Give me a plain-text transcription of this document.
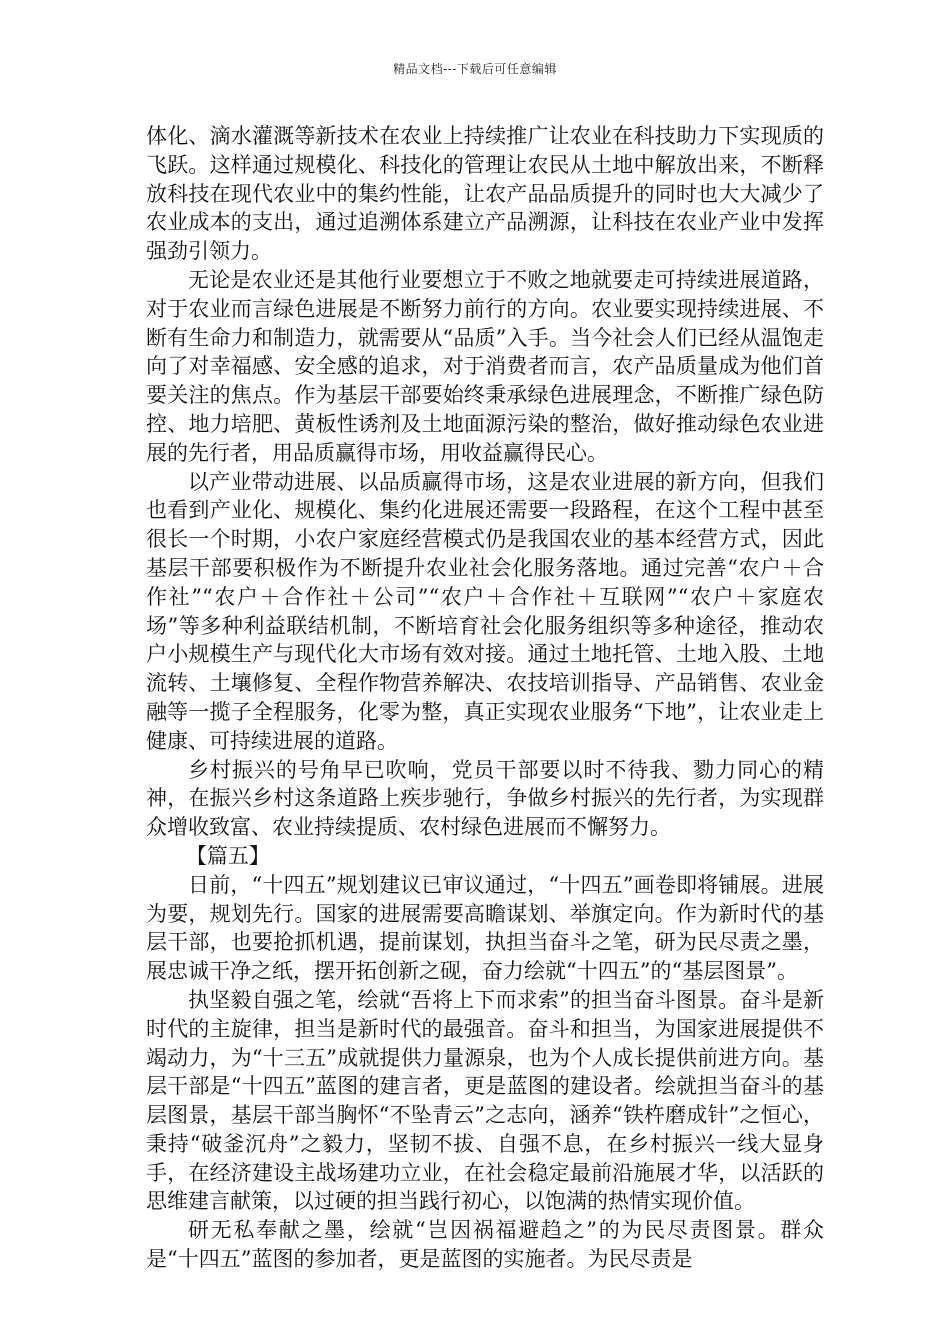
精品文档---下载后可任意编辑

体化、滴水灌溉等新技术在农业上持续推广让农业在科技助力下实现质的飞跃。这样通过规模化、科技化的管理让农民从土地中解放出来，不断释放科技在现代农业中的集约性能，让农产品品质提升的同时也大大减少了农业成本的支出，通过追溯体系建立产品溯源，让科技在农业产业中发挥强劲引领力。

无论是农业还是其他行业要想立于不败之地就要走可持续进展道路，对于农业而言绿色进展是不断努力前行的方向。农业要实现持续进展、不断有生命力和制造力，就需要从“品质”入手。当今社会人们已经从温饱走向了对幸福感、安全感的追求，对于消费者而言，农产品质量成为他们首要关注的焦点。作为基层干部要始终秉承绿色进展理念，不断推广绿色防控、地力培肥、黄板性诱剂及土地面源污染的整治，做好推动绿色农业进展的先行者，用品质赢得市场，用收益赢得民心。

以产业带动进展、以品质赢得市场，这是农业进展的新方向，但我们也看到产业化、规模化、集约化进展还需要一段路程，在这个工程中甚至很长一个时期，小农户家庭经营模式仍是我国农业的基本经营方式，因此基层干部要积极作为不断提升农业社会化服务落地。通过完善“农户＋合作社”“农户＋合作社＋公司”“农户＋合作社＋互联网”“农户＋家庭农场”等多种利益联结机制，不断培育社会化服务组织等多种途径，推动农户小规模生产与现代化大市场有效对接。通过土地托管、土地入股、土地流转、土壤修复、全程作物营养解决、农技培训指导、产品销售、农业金融等一揽子全程服务，化零为整，真正实现农业服务“下地”，让农业走上健康、可持续进展的道路。

乡村振兴的号角早已吹响，党员干部要以时不待我、勠力同心的精神，在振兴乡村这条道路上疾步驰行，争做乡村振兴的先行者，为实现群众增收致富、农业持续提质、农村绿色进展而不懈努力。

【篇五】

日前，“十四五”规划建议已审议通过，“十四五”画卷即将铺展。进展为要，规划先行。国家的进展需要高瞻谋划、举旗定向。作为新时代的基层干部，也要抢抓机遇，提前谋划，执担当奋斗之笔，研为民尽责之墨，展忠诚干净之纸，摆开拓创新之砚，奋力绘就“十四五”的“基层图景”。

执坚毅自强之笔，绘就“吾将上下而求索”的担当奋斗图景。奋斗是新时代的主旋律，担当是新时代的最强音。奋斗和担当，为国家进展提供不竭动力，为“十三五”成就提供力量源泉，也为个人成长提供前进方向。基层干部是“十四五”蓝图的建言者，更是蓝图的建设者。绘就担当奋斗的基层图景，基层干部当胸怀“不坠青云”之志向，涵养“铁杵磨成针”之恒心，秉持“破釜沉舟”之毅力，坚韧不拔、自强不息，在乡村振兴一线大显身手，在经济建设主战场建功立业，在社会稳定最前沿施展才华，以活跃的思维建言献策，以过硬的担当践行初心，以饱满的热情实现价值。

研无私奉献之墨，绘就“岂因祸福避趋之”的为民尽责图景。群众是“十四五”蓝图的参加者，更是蓝图的实施者。为民尽责是
